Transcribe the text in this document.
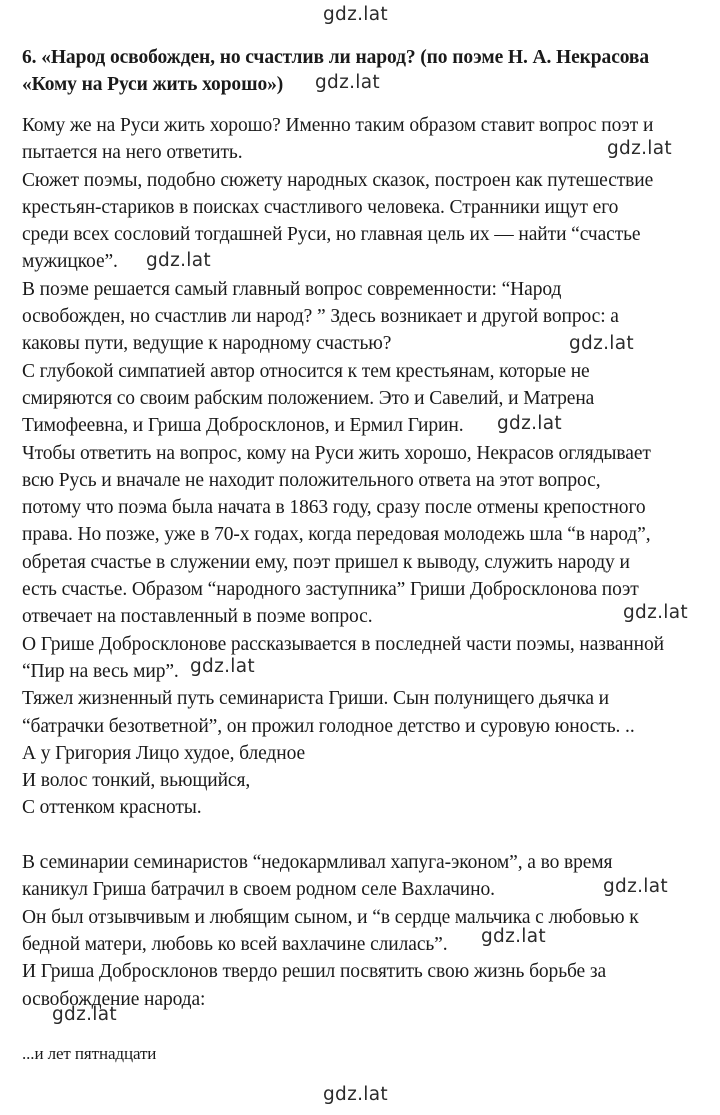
6. «Народ освобожден, но счастлив ли народ? (по поэме Н. А. Некрасова
«Кому на Руси жить хорошо»)
Кому же на Руси жить хорошо? Именно таким образом ставит вопрос поэт и
пытается на него ответить.
Сюжет поэмы, подобно сюжету народных сказок, построен как путешествие
крестьян-стариков в поисках счастливого человека. Странники ищут его
среди всех сословий тогдашней Руси, но главная цель их — найти “счастье
мужицкое”.
В поэме решается самый главный вопрос современности: “Народ
освобожден, но счастлив ли народ? ” Здесь возникает и другой вопрос: а
каковы пути, ведущие к народному счастью?
С глубокой симпатией автор относится к тем крестьянам, которые не
смиряются со своим рабским положением. Это и Савелий, и Матрена
Тимофеевна, и Гриша Добросклонов, и Ермил Гирин.
Чтобы ответить на вопрос, кому на Руси жить хорошо, Некрасов оглядывает
всю Русь и вначале не находит положительного ответа на этот вопрос,
потому что поэма была начата в 1863 году, сразу после отмены крепостного
права. Но позже, уже в 70-х годах, когда передовая молодежь шла “в народ”,
обретая счастье в служении ему, поэт пришел к выводу, служить народу и
есть счастье. Образом “народного заступника” Гриши Добросклонова поэт
отвечает на поставленный в поэме вопрос.
О Грише Добросклонове рассказывается в последней части поэмы, названной
“Пир на весь мир”.
Тяжел жизненный путь семинариста Гриши. Сын полунищего дьячка и
“батрачки безответной”, он прожил голодное детство и суровую юность. ..
А у Григория Лицо худое, бледное
И волос тонкий, вьющийся,
С оттенком красноты.
В семинарии семинаристов “недокармливал хапуга-эконом”, а во время
каникул Гриша батрачил в своем родном селе Вахлачино.
Он был отзывчивым и любящим сыном, и “в сердце мальчика с любовью к
бедной матери, любовь ко всей вахлачине слилась”.
И Гриша Добросклонов твердо решил посвятить свою жизнь борьбе за
освобождение народа:
...и лет пятнадцати
gdz.lat
gdz.lat
gdz.lat
gdz.lat
gdz.lat
gdz.lat
gdz.lat
gdz.lat
gdz.lat
gdz.lat
gdz.lat
gdz.lat
